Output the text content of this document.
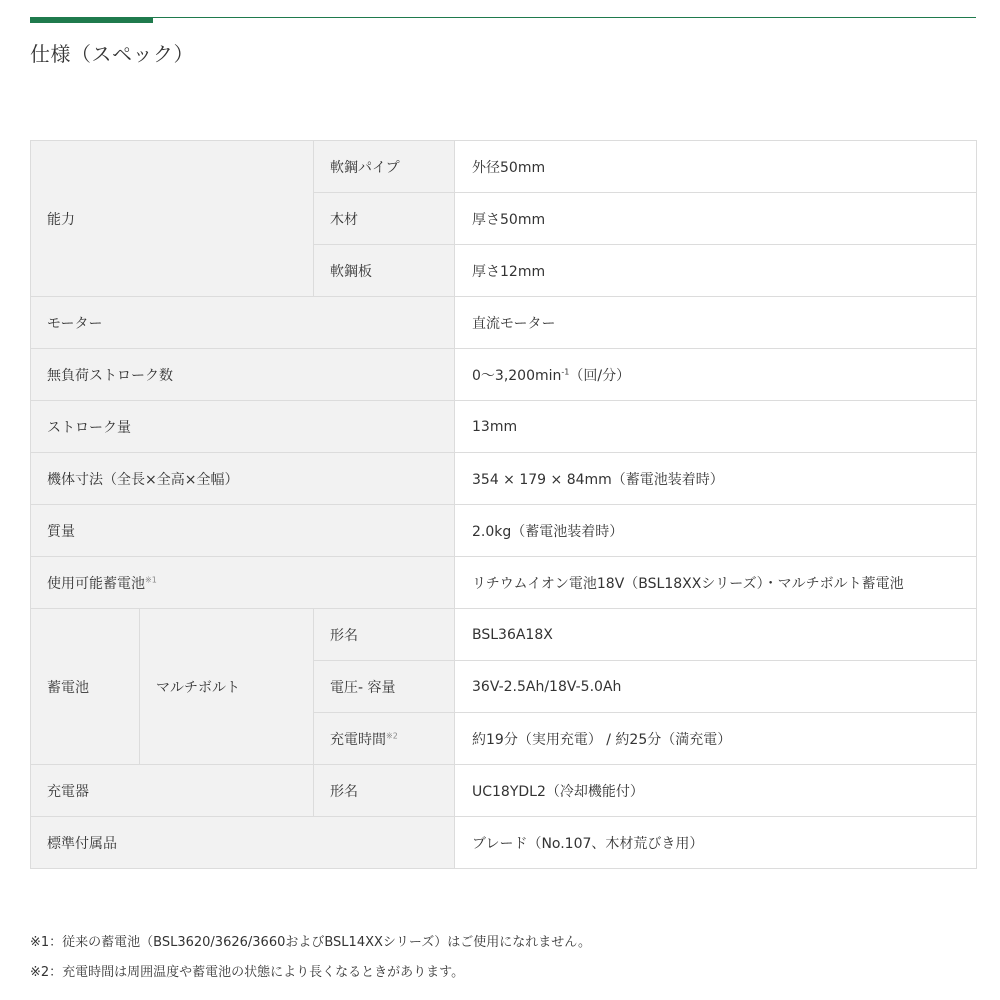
仕様（スペック）
能力		軟鋼パイプ	外径50mm
		木材	厚さ50mm
		軟鋼板	厚さ12mm
モーター			直流モーター
無負荷ストローク数			$0\sim 3,200\min^{-1}$（回/分）
ストローク量			13mm
機体寸法（全長×全高×全幅）			354 × 179 × 84mm（蓄電池装着時）
質量			2.0kg（蓄電池装着時）
使用可能蓄電池$^{※1}$			リチウムイオン電池18V（BSL18XXシリーズ）・マルチボルト蓄電池
蓄電池	マルチボルト	形名	BSL36A18X
		電圧- 容量	36V-2.5Ah/18V-5.0Ah
		充電時間$^{※2}$	約19分（実用充電） / 約25分（満充電）
充電器		形名	UC18YDL2（冷却機能付）
標準付属品			ブレード（No.107、木材荒びき用）

※1：従来の蓄電池（BSL3620/3626/3660およびBSL14XXシリーズ）はご使用になれません。

※2：充電時間は周囲温度や蓄電池の状態により長くなるときがあります。
